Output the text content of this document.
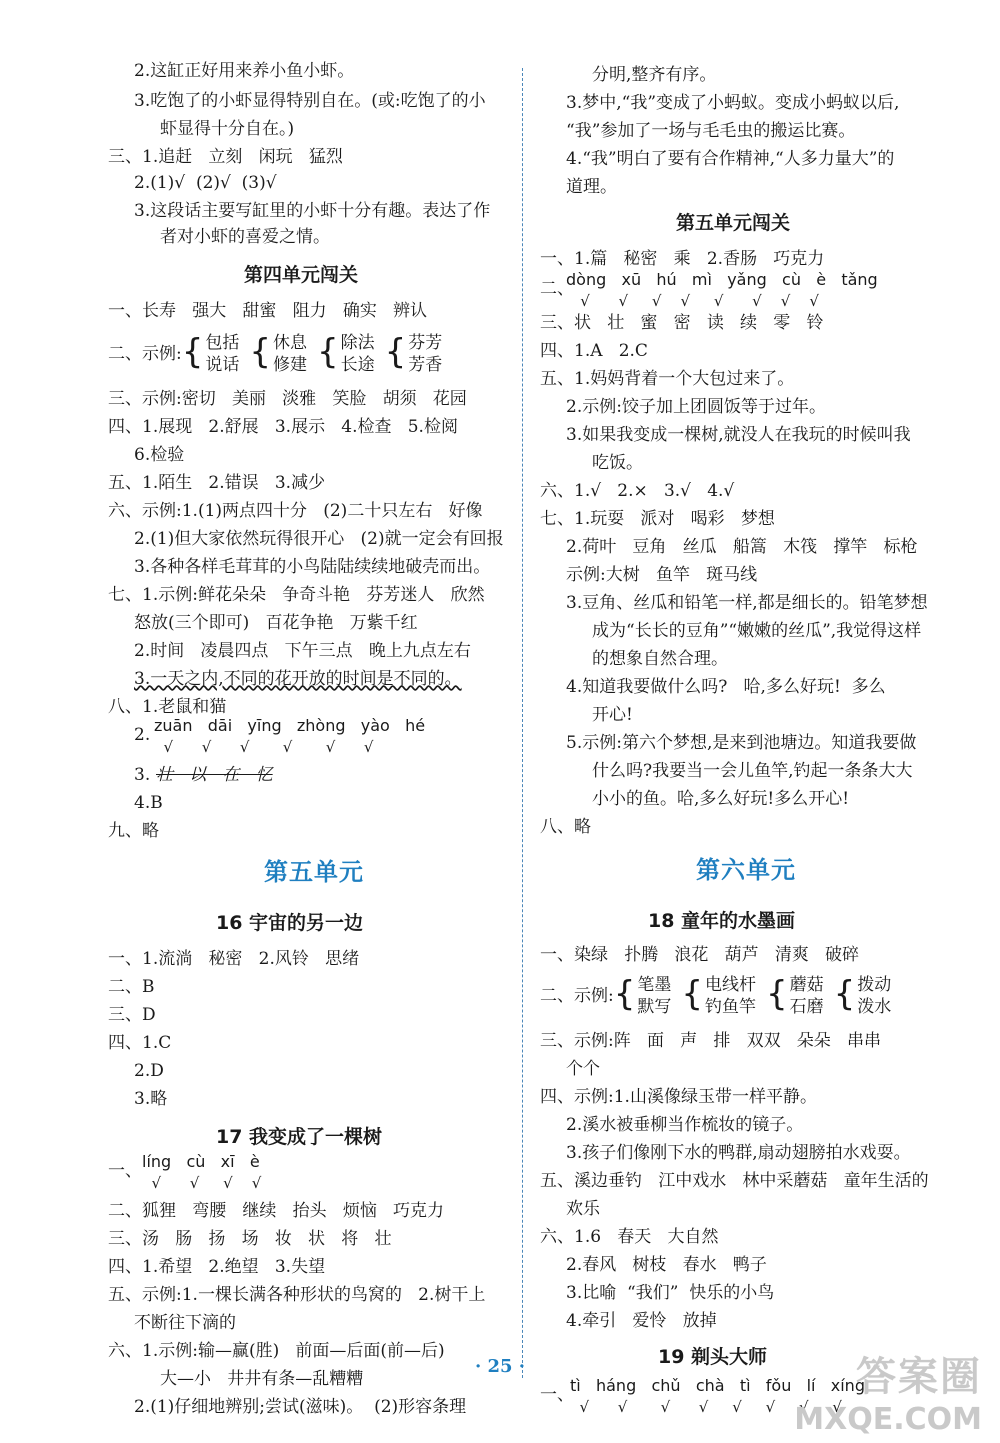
2.这缸正好用来养小鱼小虾。
3.吃饱了的小虾显得特别自在。(或:吃饱了的小
虾显得十分自在。)
三、1.追赶   立刻   闲玩   猛烈
2.(1)√  (2)√  (3)√
3.这段话主要写缸里的小虾十分有趣。表达了作
者对小虾的喜爱之情。
第四单元闯关
一、长寿   强大   甜蜜   阻力   确实   辨认
二、示例: { 包括
说话 { 休息
修建 { 除法
长途 { 芬芳
芳香
三、示例:密切   美丽   淡雅   笑脸   胡须   花园
四、1.展现   2.舒展   3.展示   4.检查   5.检阅
6.检验
五、1.陌生   2.错误   3.减少
六、示例:1.(1)两点四十分   (2)二十只左右   好像
2.(1)但大家依然玩得很开心   (2)就一定会有回报
3.各种各样毛茸茸的小鸟陆陆续续地破壳而出。
七、1.示例:鲜花朵朵   争奇斗艳   芬芳迷人   欣然
怒放(三个即可)   百花争艳   万紫千红
2.时间   凌晨四点   下午三点   晚上九点左右
3.一天之内,不同的花开放的时间是不同的。
八、1.老鼠和猫
2. zuān   dāi   yīng   zhòng   yào   hé
√      √      √       √       √      √
3. 壮   以   在   忆
4.B
九、略
第五单元
16 宇宙的另一边
一、1.流淌   秘密   2.风铃   思绪
二、B
三、D
四、1.C
2.D
3.略
17 我变成了一棵树
一、 líng   cù   xī   è
√      √     √    √
二、狐狸   弯腰   继续   抬头   烦恼   巧克力
三、汤   肠   扬   场   妆   状   将   壮
四、1.希望   2.绝望   3.失望
五、示例:1.一棵长满各种形状的鸟窝的   2.树干上
不断往下滴的
六、1.示例:输—赢(胜)   前面—后面(前—后)
大—小   井井有条—乱糟糟
2.(1)仔细地辨别;尝试(滋味)。  (2)形容条理
分明,整齐有序。
3.梦中,“我”变成了小蚂蚁。变成小蚂蚁以后,
“我”参加了一场与毛毛虫的搬运比赛。
4.“我”明白了要有合作精神,“人多力量大”的
道理。
第五单元闯关
一、1.篇   秘密   乘   2.香肠   巧克力
二、
dòng   xū   hú   mì   yǎng   cù   è   tǎng
√      √     √    √     √      √    √    √
三、状   壮   蜜   密   读   续   零   铃
四、1.A   2.C
五、1.妈妈背着一个大包过来了。
2.示例:饺子加上团圆饭等于过年。
3.如果我变成一棵树,就没人在我玩的时候叫我
吃饭。
六、1.√   2.×   3.√   4.√
七、1.玩耍   派对   喝彩   梦想
2.荷叶   豆角   丝瓜   船篙   木筏   撑竿   标枪
示例:大树   鱼竿   斑马线
3.豆角、丝瓜和铅笔一样,都是细长的。铅笔梦想
成为“长长的豆角”“嫩嫩的丝瓜”,我觉得这样
的想象自然合理。
4.知道我要做什么吗?   哈,多么好玩!  多么
开心!
5.示例:第六个梦想,是来到池塘边。知道我要做
什么吗?我要当一会儿鱼竿,钓起一条条大大
小小的鱼。哈,多么好玩!多么开心!
八、略
第六单元
18 童年的水墨画
一、染绿   扑腾   浪花   葫芦   清爽   破碎
二、示例: { 笔墨
默写 { 电线杆
钓鱼竿 { 蘑菇
石磨 { 拨动
泼水
三、示例:阵   面   声   排   双双   朵朵   串串
个个
四、示例:1.山溪像绿玉带一样平静。
2.溪水被垂柳当作梳妆的镜子。
3.孩子们像刚下水的鸭群,扇动翅膀拍水戏耍。
五、溪边垂钓   江中戏水   林中采蘑菇   童年生活的
欢乐
六、1.6   春天   大自然
2.春风   树枝   春水   鸭子
3.比喻  “我们”  快乐的小鸟
4.牵引   爱怜   放掉
19 剃头大师
一、
tì   háng   chǔ   chà   tì   fǒu   lí   xíng
√      √       √      √     √     √     √     √
· 25 ·	答案圈
MXQE.COM
